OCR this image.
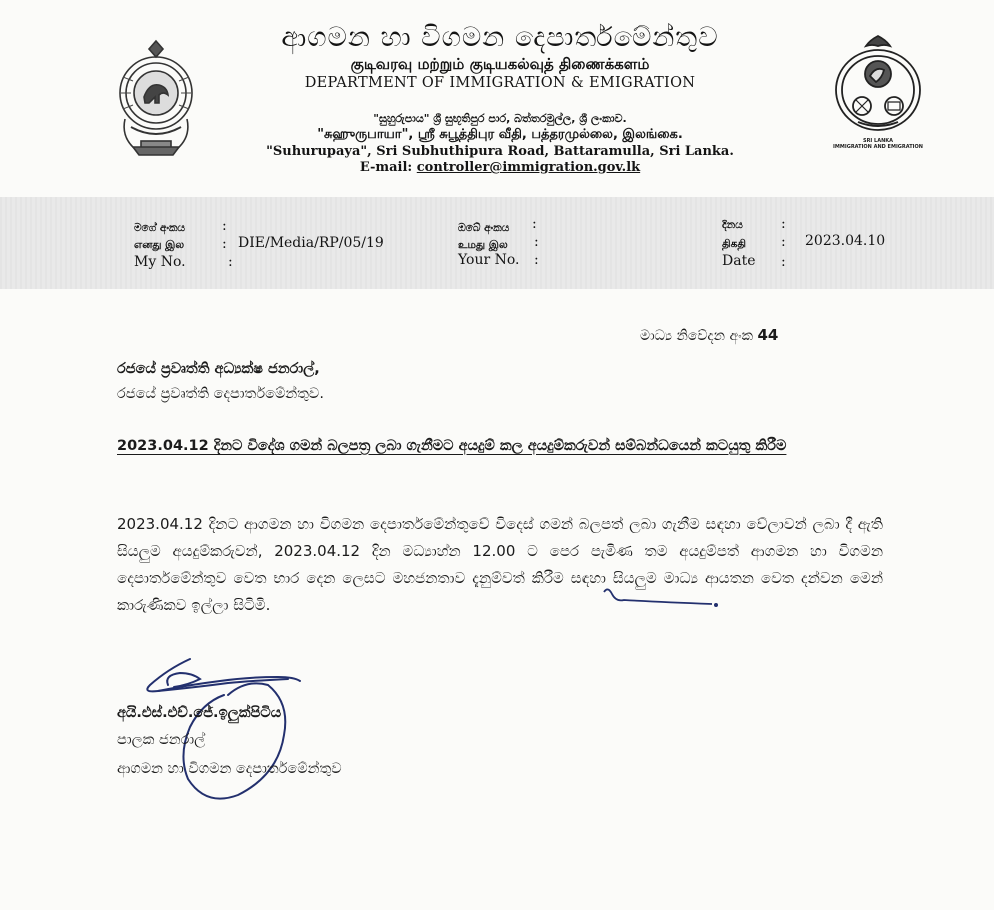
SRI LANKA
IMMIGRATION AND EMIGRATION
ආගමන හා විගමන දෙපාර්තමේන්තුව
குடிவரவு மற்றும் குடியகல்வுத் திணைக்களம்
DEPARTMENT OF IMMIGRATION & EMIGRATION
"සුහුරුපාය" ශ්‍රී සුභූතිපුර පාර, බත්තරමුල්ල, ශ්‍රී ලංකාව.
"சுஹுருபாயா", ஸ்ரீ சுபூத்திபுர வீதி, பத்தரமுல்லை, இலங்கை.
"Suhurupaya", Sri Subhuthipura Road, Battaramulla, Sri Lanka.
E-mail: controller@immigration.gov.lk
මගේ අංකය
எனது இல
My No.
:
:
:
DIE/Media/RP/05/19
ඔබේ අංකය
உமது இல
Your No.
:
:
:
දිනය
திகதி
Date
:
:
:
2023.04.10
මාධ්‍ය නිවේදන අංක 44
රජයේ ප්‍රවෘත්ති අධ්‍යක්ෂ ජනරාල්,
රජයේ ප්‍රවෘත්ති දෙපාර්තමේන්තුව.
2023.04.12 දිනට විදේශ ගමන් බලපත්‍ර ලබා ගැනීමට අයදුම් කල අයදුම්කරුවන් සම්බන්ධයෙන් කටයුතු කිරීම
2023.04.12 දිනට ආගමන හා විගමන දෙපාර්තමේන්තුවේ විදෙස් ගමන් බලපත් ලබා ගැනීම සඳහා වේලාවන් ලබා දී ඇති සියලුම අයදුම්කරුවන්, 2023.04.12 දින මධ්‍යාහ්න 12.00 ට පෙර පැමිණ තම අයදුම්පත් ආගමන හා විගමන දෙපාර්තමේන්තුව වෙත භාර දෙන ලෙසට මහජනතාව දැනුම්වත් කිරීම සඳහා සියලුම මාධ්‍ය ආයතන වෙත දන්වන මෙන් කාරුණිකව ඉල්ලා සිටිමි.
අයි.එස්.එච්.ජේ.ඉලුක්පිටිය
පාලක ජනරාල්
ආගමන හා විගමන දෙපාර්තමේන්තුව
